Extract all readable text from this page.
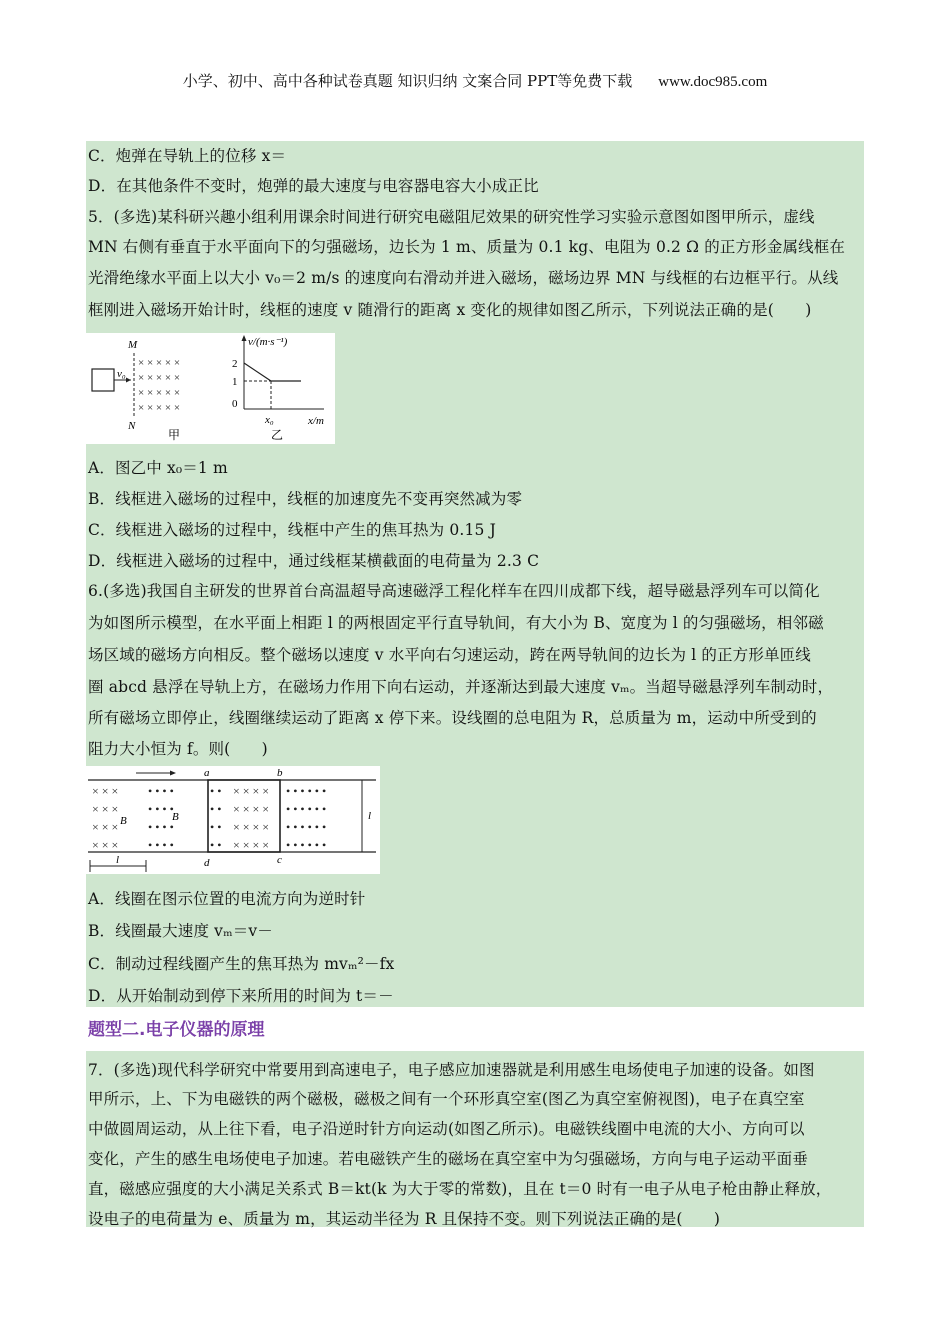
小学、初中、高中各种试卷真题 知识归纳 文案合同 PPT等免费下载 www.doc985.com
C．炮弹在导轨上的位移 x＝
D．在其他条件不变时，炮弹的最大速度与电容器电容大小成正比
5．(多选)某科研兴趣小组利用课余时间进行研究电磁阻尼效果的研究性学习实验示意图如图甲所示，虚线
MN 右侧有垂直于水平面向下的匀强磁场，边长为 1 m、质量为 0.1 kg、电阻为 0.2 Ω 的正方形金属线框在
光滑绝缘水平面上以大小 v₀＝2 m/s 的速度向右滑动并进入磁场，磁场边界 MN 与线框的右边框平行。从线
框刚进入磁场开始计时，线框的速度 v 随滑行的距离 x 变化的规律如图乙所示，下列说法正确的是(　　)
v₀
M
N
× × × × ×
× × × × ×
× × × × ×
× × × × ×
v/(m·s⁻¹)
x/m
2
1
0
x₀
甲	乙
A．图乙中 x₀＝1 m
B．线框进入磁场的过程中，线框的加速度先不变再突然减为零
C．线框进入磁场的过程中，线框中产生的焦耳热为 0.15 J
D．线框进入磁场的过程中，通过线框某横截面的电荷量为 2.3 C
6.(多选)我国自主研发的世界首台高温超导高速磁浮工程化样车在四川成都下线，超导磁悬浮列车可以简化
为如图所示模型，在水平面上相距 l 的两根固定平行直导轨间，有大小为 B、宽度为 l 的匀强磁场，相邻磁
场区域的磁场方向相反。整个磁场以速度 v 水平向右匀速运动，跨在两导轨间的边长为 l 的正方形单匝线
圈 abcd 悬浮在导轨上方，在磁场力作用下向右运动，并逐渐达到最大速度 vₘ。当超导磁悬浮列车制动时，
所有磁场立即停止，线圈继续运动了距离 x 停下来。设线圈的总电阻为 R，总质量为 m，运动中所受到的
阻力大小恒为 f。则(　　)
× × ×
× × ×
× × ×
× × ×
• • • •
• • • •
• • • •
• • • •
• •
• •
• •
• •
× × × ×
× × × ×
× × × ×
× × × ×
• • • • • •
• • • • • •
• • • • • •
• • • • • •
a	b
c
d
B	B	l
l
A．线圈在图示位置的电流方向为逆时针
B．线圈最大速度 vₘ＝v－
C．制动过程线圈产生的焦耳热为 mvₘ²－fx
D．从开始制动到停下来所用的时间为 t＝－
题型二.电子仪器的原理
7．(多选)现代科学研究中常要用到高速电子，电子感应加速器就是利用感生电场使电子加速的设备。如图
甲所示，上、下为电磁铁的两个磁极，磁极之间有一个环形真空室(图乙为真空室俯视图)，电子在真空室
中做圆周运动，从上往下看，电子沿逆时针方向运动(如图乙所示)。电磁铁线圈中电流的大小、方向可以
变化，产生的感生电场使电子加速。若电磁铁产生的磁场在真空室中为匀强磁场，方向与电子运动平面垂
直，磁感应强度的大小满足关系式 B＝kt(k 为大于零的常数)，且在 t＝0 时有一电子从电子枪由静止释放，
设电子的电荷量为 e、质量为 m，其运动半径为 R 且保持不变。则下列说法正确的是(　　)
